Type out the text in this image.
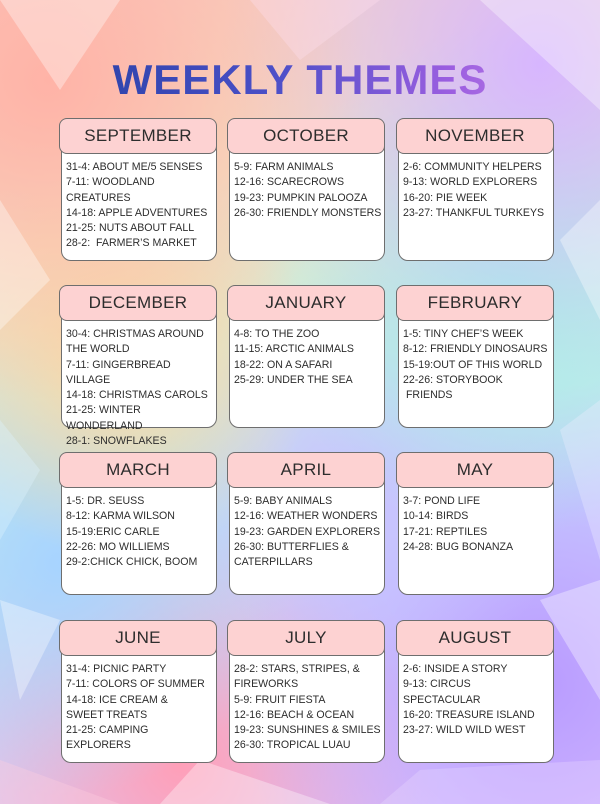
WEEKLY THEMES
SEPTEMBER
31-4: ABOUT ME/5 SENSES
7-11: WOODLAND
CREATURES
14-18: APPLE ADVENTURES
21-25: NUTS ABOUT FALL
28-2:  FARMER’S MARKET
OCTOBER
5-9: FARM ANIMALS
12-16: SCARECROWS
19-23: PUMPKIN PALOOZA
26-30: FRIENDLY MONSTERS
NOVEMBER
2-6: COMMUNITY HELPERS
9-13: WORLD EXPLORERS
16-20: PIE WEEK
23-27: THANKFUL TURKEYS
DECEMBER
30-4: CHRISTMAS AROUND
THE WORLD
7-11: GINGERBREAD VILLAGE
14-18: CHRISTMAS CAROLS
21-25: WINTER WONDERLAND
28-1: SNOWFLAKES
JANUARY
4-8: TO THE ZOO
11-15: ARCTIC ANIMALS
18-22: ON A SAFARI
25-29: UNDER THE SEA
FEBRUARY
1-5: TINY CHEF’S WEEK
8-12: FRIENDLY DINOSAURS
15-19:OUT OF THIS WORLD
22-26: STORYBOOK
FRIENDS
MARCH
1-5: DR. SEUSS
8-12: KARMA WILSON
15-19:ERIC CARLE
22-26: MO WILLIEMS
29-2:CHICK CHICK, BOOM
APRIL
5-9: BABY ANIMALS
12-16: WEATHER WONDERS
19-23: GARDEN EXPLORERS
26-30: BUTTERFLIES &
CATERPILLARS
MAY
3-7: POND LIFE
10-14: BIRDS
17-21: REPTILES
24-28: BUG BONANZA
JUNE
31-4: PICNIC PARTY
7-11: COLORS OF SUMMER
14-18: ICE CREAM &
SWEET TREATS
21-25: CAMPING
EXPLORERS
JULY
28-2: STARS, STRIPES, &
FIREWORKS
5-9: FRUIT FIESTA
12-16: BEACH & OCEAN
19-23: SUNSHINES & SMILES
26-30: TROPICAL LUAU
AUGUST
2-6: INSIDE A STORY
9-13: CIRCUS
SPECTACULAR
16-20: TREASURE ISLAND
23-27: WILD WILD WEST
